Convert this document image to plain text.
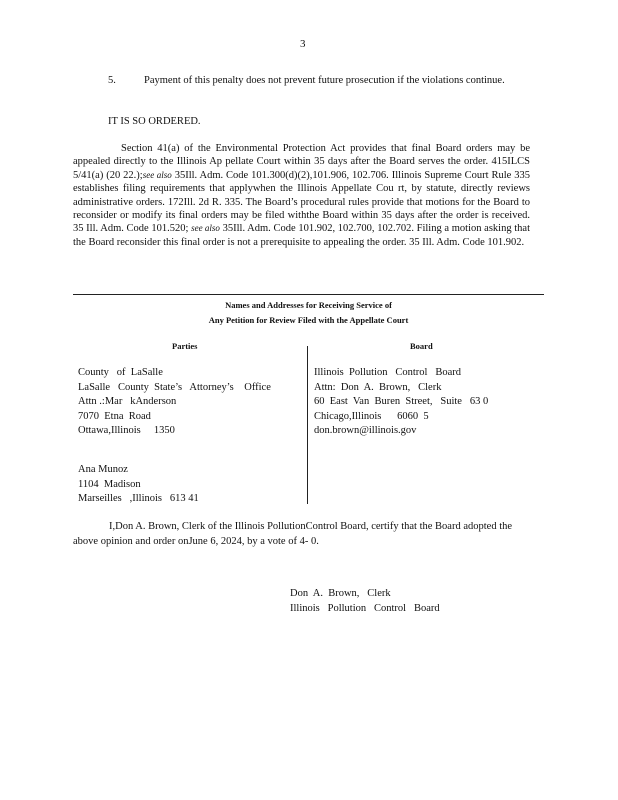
3
5.	Payment of this penalty does not prevent future prosecution if the violations continue.
IT IS SO ORDERED.
Section 41(a) of the Environmental Protection Act provides that final Board orders may be appealed directly to the Illinois Ap pellate Court within 35 days after the Board serves the order. 415ILCS 5/41(a) (20 22.);see also 35Ill. Adm. Code 101.300(d)(2),101.906, 102.706. Illinois Supreme Court Rule 335 establishes filing requirements that applywhen the Illinois Appellate Cou rt, by statute, directly reviews administrative orders. 172Ill. 2d R. 335. The Board’s procedural rules provide that motions for the Board to reconsider or modify its final orders may be filed withthe Board within 35 days after the order is received. 35 Ill. Adm. Code 101.520; see also 35Ill. Adm. Code 101.902, 102.700, 102.702. Filing a motion asking that the Board reconsider this final order is not a prerequisite to appealing the order. 35 Ill. Adm. Code 101.902.
Names and Addresses for Receiving Service of
Any Petition for Review Filed with the Appellate Court
Parties	Board
County   of  LaSalle
LaSalle   County  State’s   Attorney’s    Office
Attn .:Mar   kAnderson
7070  Etna  Road
Ottawa,Illinois     1350
Ana Munoz
1104  Madison
Marseilles   ,Illinois   613 41
Illinois  Pollution   Control   Board
Attn:  Don  A.  Brown,   Clerk
60  East  Van  Buren  Street,   Suite   63 0
Chicago,Illinois      6060  5
don.brown@illinois.gov
I,Don A. Brown, Clerk of the Illinois PollutionControl Board, certify that the Board adopted the above opinion and order onJune 6, 2024, by a vote of 4- 0.
Don  A.  Brown,   Clerk
Illinois   Pollution   Control   Board
